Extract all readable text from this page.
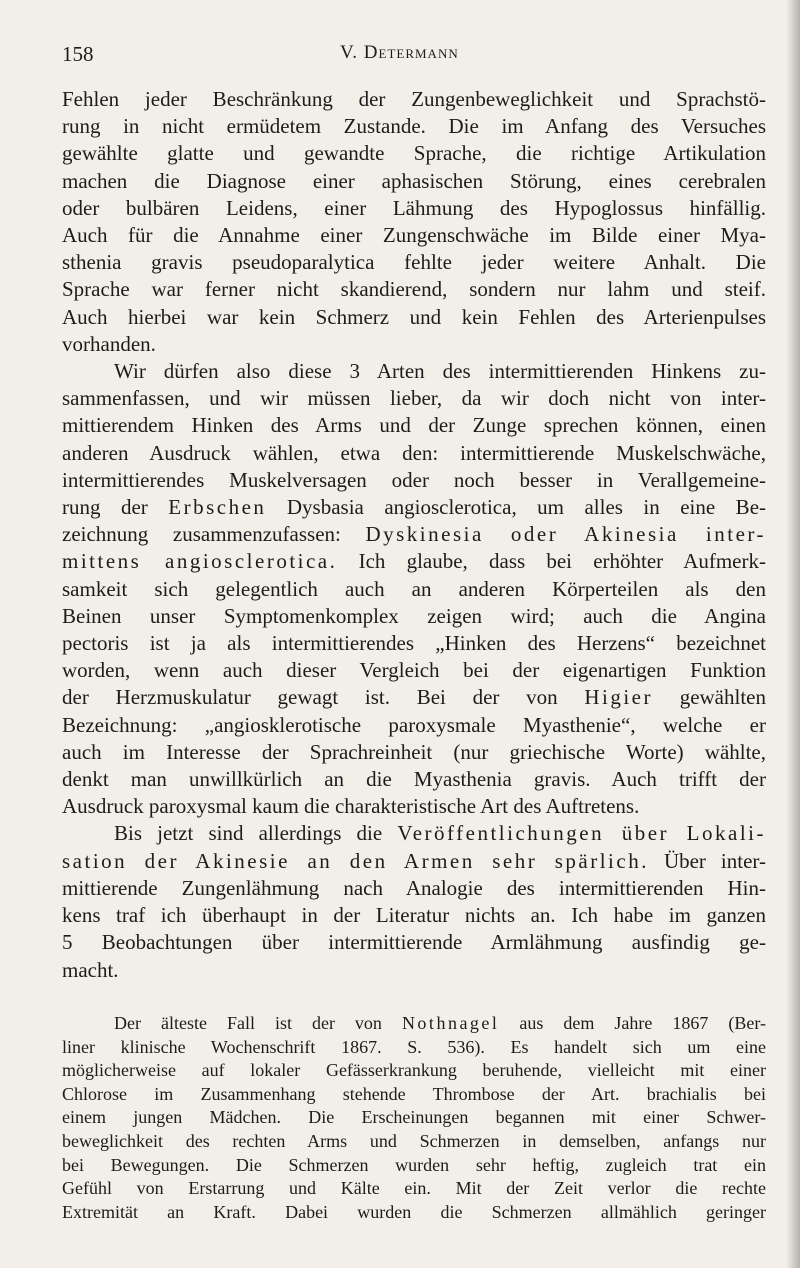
158	V. Determann

Fehlen jeder Beschränkung der Zungenbeweglichkeit und Sprachstö-
rung in nicht ermüdetem Zustande. Die im Anfang des Versuches
gewählte glatte und gewandte Sprache, die richtige Artikulation
machen die Diagnose einer aphasischen Störung, eines cerebralen
oder bulbären Leidens, einer Lähmung des Hypoglossus hinfällig.
Auch für die Annahme einer Zungenschwäche im Bilde einer Mya-
sthenia gravis pseudoparalytica fehlte jeder weitere Anhalt. Die
Sprache war ferner nicht skandierend, sondern nur lahm und steif.
Auch hierbei war kein Schmerz und kein Fehlen des Arterienpulses
vorhanden.

Wir dürfen also diese 3 Arten des intermittierenden Hinkens zu-
sammenfassen, und wir müssen lieber, da wir doch nicht von inter-
mittierendem Hinken des Arms und der Zunge sprechen können, einen
anderen Ausdruck wählen, etwa den: intermittierende Muskelschwäche,
intermittierendes Muskelversagen oder noch besser in Verallgemeine-
rung der Erbschen Dysbasia angiosclerotica, um alles in eine Be-
zeichnung zusammenzufassen: Dyskinesia oder Akinesia inter-
mittens angiosclerotica. Ich glaube, dass bei erhöhter Aufmerk-
samkeit sich gelegentlich auch an anderen Körperteilen als den
Beinen unser Symptomenkomplex zeigen wird; auch die Angina
pectoris ist ja als intermittierendes „Hinken des Herzens“ bezeichnet
worden, wenn auch dieser Vergleich bei der eigenartigen Funktion
der Herzmuskulatur gewagt ist. Bei der von Higier gewählten
Bezeichnung: „angiosklerotische paroxysmale Myasthenie“, welche er
auch im Interesse der Sprachreinheit (nur griechische Worte) wählte,
denkt man unwillkürlich an die Myasthenia gravis. Auch trifft der
Ausdruck paroxysmal kaum die charakteristische Art des Auftretens.

Bis jetzt sind allerdings die Veröffentlichungen über Lokali-
sation der Akinesie an den Armen sehr spärlich. Über inter-
mittierende Zungenlähmung nach Analogie des intermittierenden Hin-
kens traf ich überhaupt in der Literatur nichts an. Ich habe im ganzen
5 Beobachtungen über intermittierende Armlähmung ausfindig ge-
macht.

Der älteste Fall ist der von Nothnagel aus dem Jahre 1867 (Ber-
liner klinische Wochenschrift 1867. S. 536). Es handelt sich um eine
möglicherweise auf lokaler Gefässerkrankung beruhende, vielleicht mit einer
Chlorose im Zusammenhang stehende Thrombose der Art. brachialis bei
einem jungen Mädchen. Die Erscheinungen begannen mit einer Schwer-
beweglichkeit des rechten Arms und Schmerzen in demselben, anfangs nur
bei Bewegungen. Die Schmerzen wurden sehr heftig, zugleich trat ein
Gefühl von Erstarrung und Kälte ein. Mit der Zeit verlor die rechte
Extremität an Kraft. Dabei wurden die Schmerzen allmählich geringer
